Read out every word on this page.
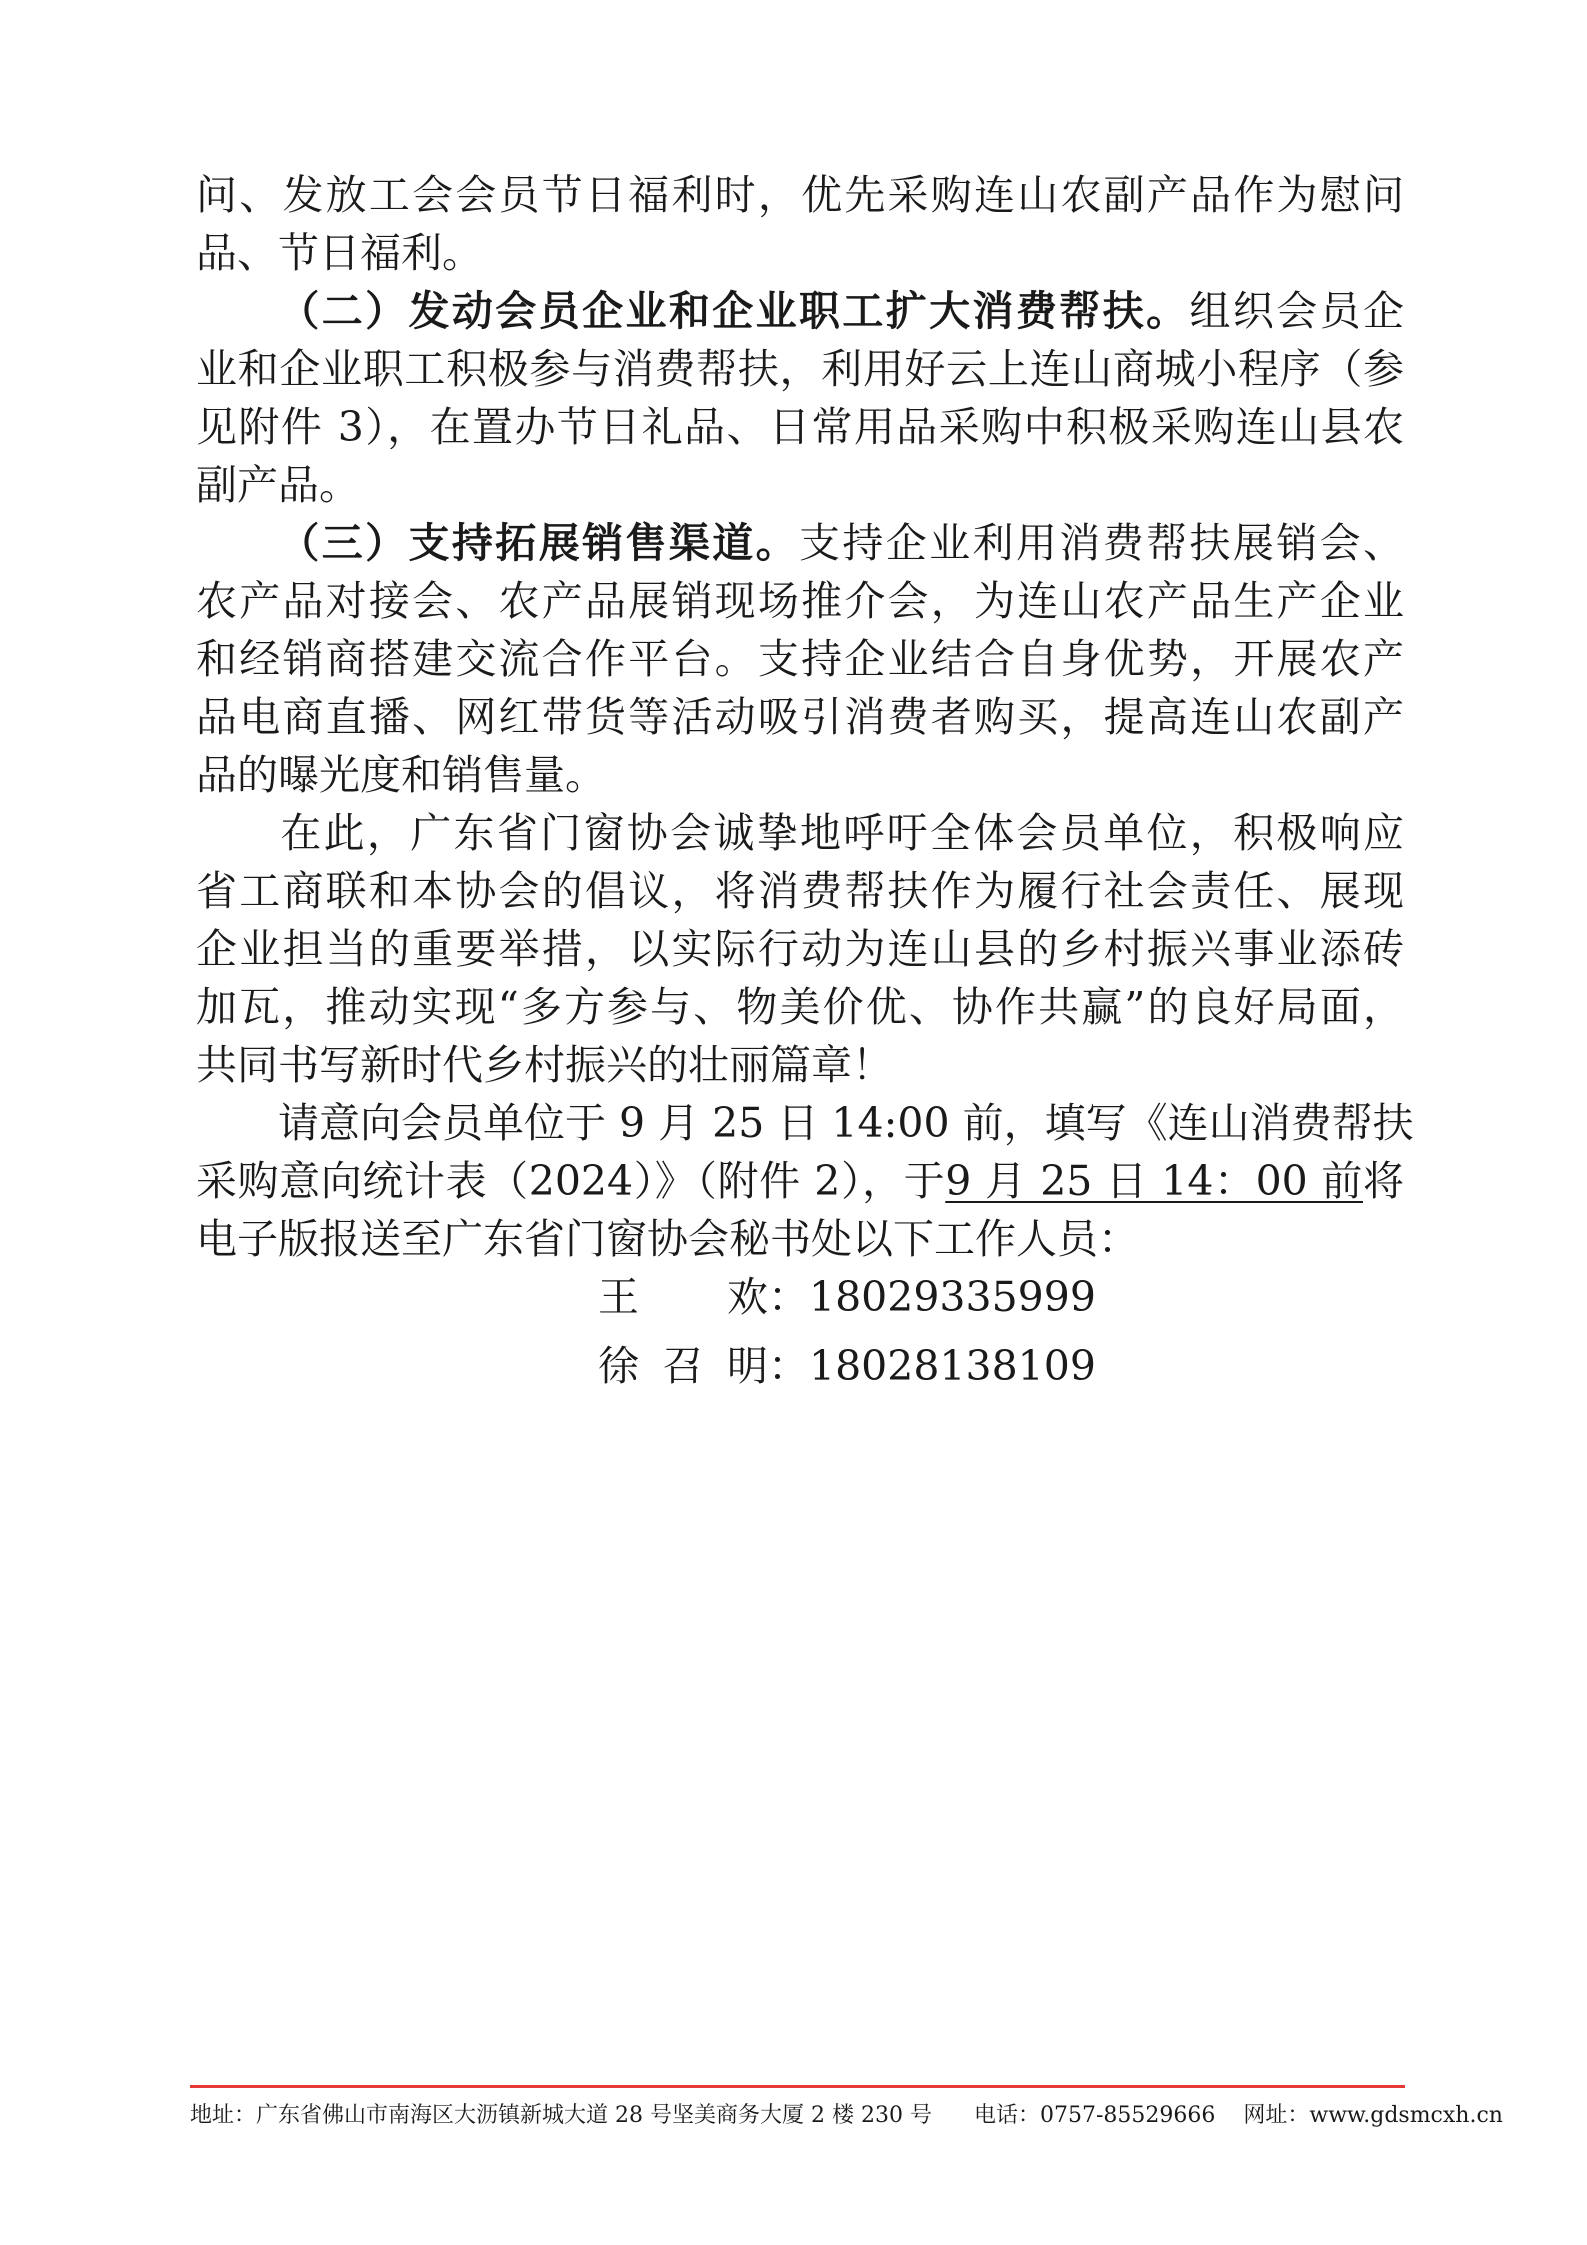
问、发放工会会员节日福利时，优先采购连山农副产品作为慰问
品、节日福利。
（二）发动会员企业和企业职工扩大消费帮扶。组织会员企
业和企业职工积极参与消费帮扶，利用好云上连山商城小程序（参
见附件 3），在置办节日礼品、日常用品采购中积极采购连山县农
副产品。
（三）支持拓展销售渠道。支持企业利用消费帮扶展销会、
农产品对接会、农产品展销现场推介会，为连山农产品生产企业
和经销商搭建交流合作平台。支持企业结合自身优势，开展农产
品电商直播、网红带货等活动吸引消费者购买，提高连山农副产
品的曝光度和销售量。
在此，广东省门窗协会诚挚地呼吁全体会员单位，积极响应
省工商联和本协会的倡议，将消费帮扶作为履行社会责任、展现
企业担当的重要举措，以实际行动为连山县的乡村振兴事业添砖
加瓦，推动实现“多方参与、物美价优、协作共赢”的良好局面，
共同书写新时代乡村振兴的壮丽篇章！
请意向会员单位于 9 月 25 日 14:00 前，填写《连山消费帮扶
采购意向统计表（2024）》（附件 2），于9 月 25 日 14：00 前将
电子版报送至广东省门窗协会秘书处以下工作人员：
王欢：18029335999
徐召明：18028138109
地址：广东省佛山市南海区大沥镇新城大道 28 号坚美商务大厦 2 楼 230 号 电话：0757-85529666 网址：www.gdsmcxh.cn
